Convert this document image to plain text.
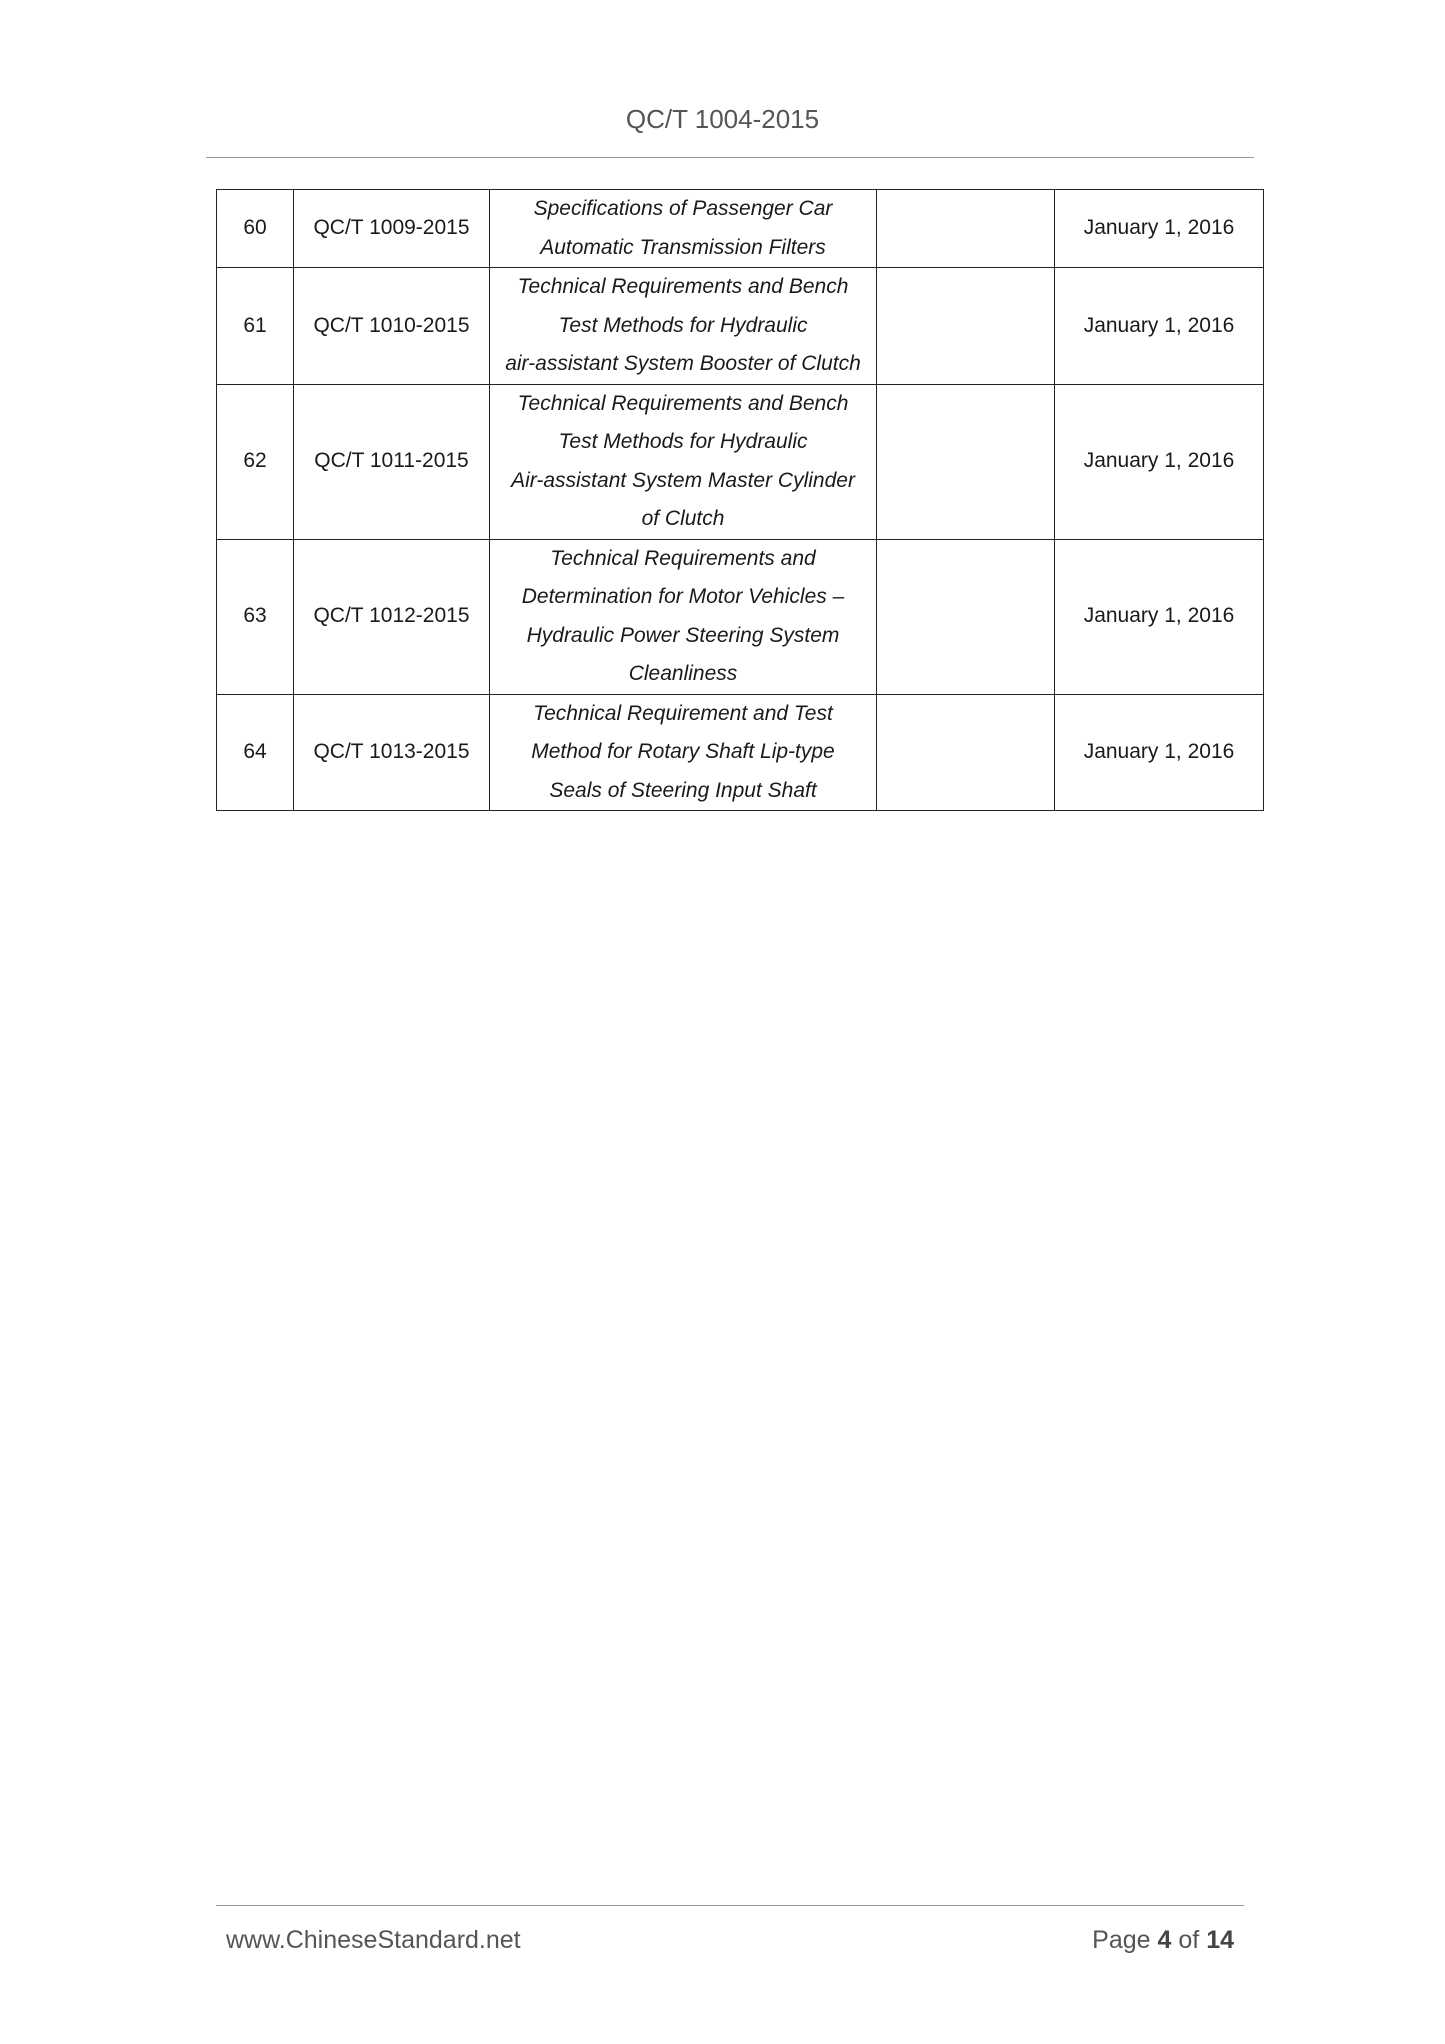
QC/T 1004-2015
60	QC/T 1009-2015	Specifications of Passenger Car
Automatic Transmission Filters		January 1, 2016
61	QC/T 1010-2015	Technical Requirements and Bench
Test Methods for Hydraulic
air-assistant System Booster of Clutch		January 1, 2016
62	QC/T 1011-2015	Technical Requirements and Bench
Test Methods for Hydraulic
Air-assistant System Master Cylinder
of Clutch		January 1, 2016
63	QC/T 1012-2015	Technical Requirements and
Determination for Motor Vehicles –
Hydraulic Power Steering System
Cleanliness		January 1, 2016
64	QC/T 1013-2015	Technical Requirement and Test
Method for Rotary Shaft Lip-type
Seals of Steering Input Shaft		January 1, 2016
www.ChineseStandard.net	Page 4 of 14
